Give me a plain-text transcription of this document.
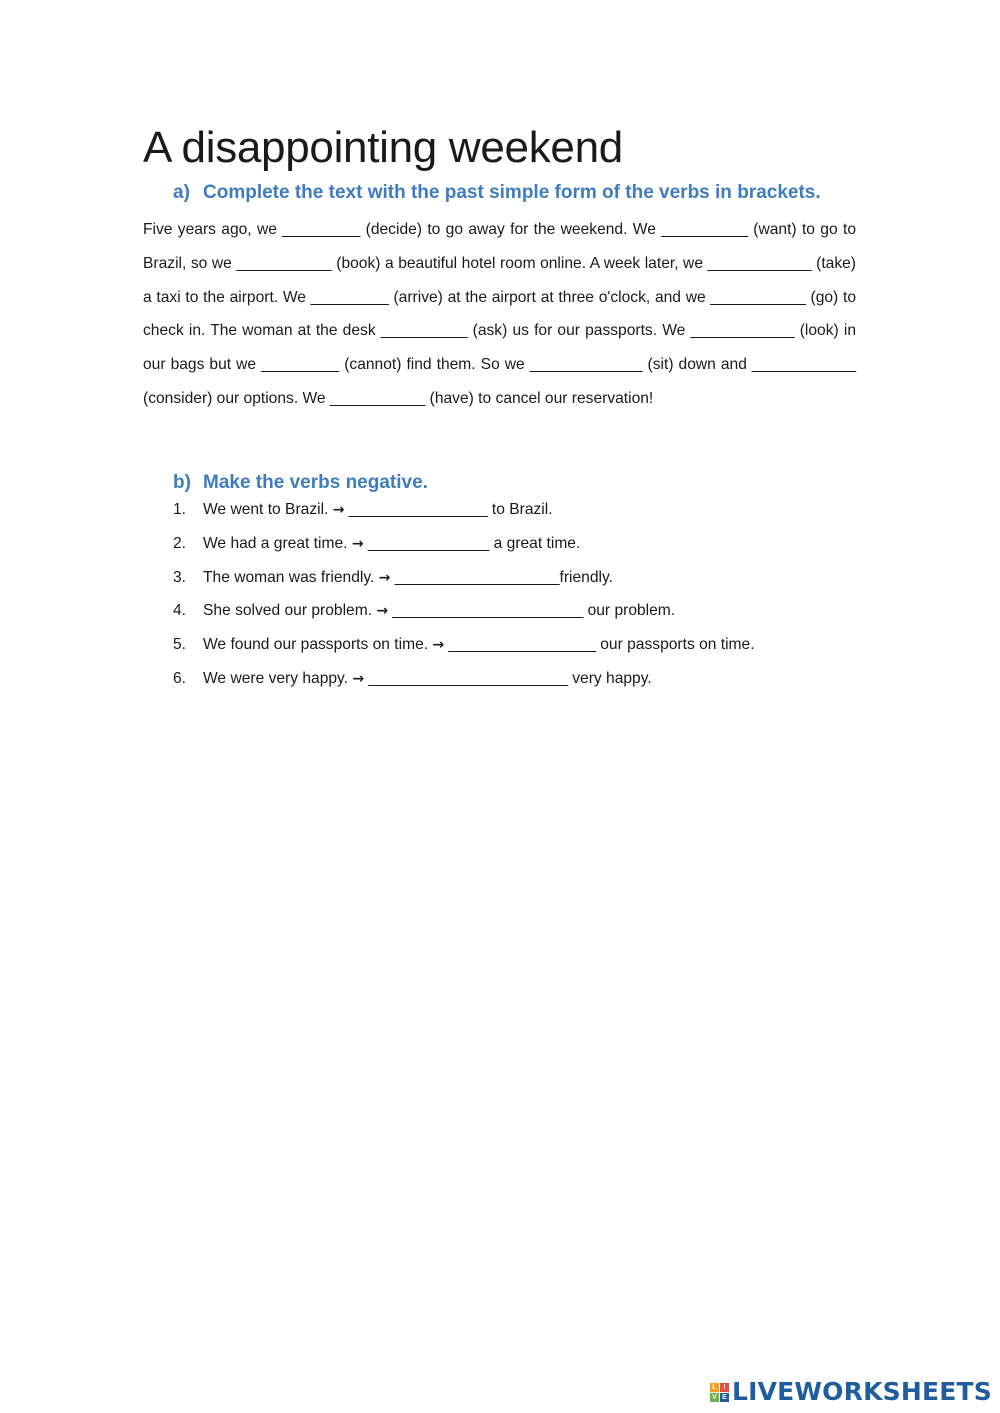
A disappointing weekend
a) Complete the text with the past simple form of the verbs in brackets.

Five years ago, we _________ (decide) to go away for the weekend. We __________ (want) to go to Brazil, so we ___________ (book) a beautiful hotel room online. A week later, we ____________ (take) a taxi to the airport. We _________ (arrive) at the airport at three o'clock, and we ___________ (go) to check in. The woman at the desk __________ (ask) us for our passports. We ____________ (look) in our bags but we _________ (cannot) find them. So we _____________ (sit) down and ____________ (consider) our options. We ___________ (have) to cancel our reservation!

b) Make the verbs negative.
1. We went to Brazil. → ________________ to Brazil.
2. We had a great time. → ______________ a great time.
3. The woman was friendly. → ___________________friendly.
4. She solved our problem. → ______________________ our problem.
5. We found our passports on time. → _________________ our passports on time.
6. We were very happy. → _______________________ very happy.
L I
V E LIVEWORKSHEETS
